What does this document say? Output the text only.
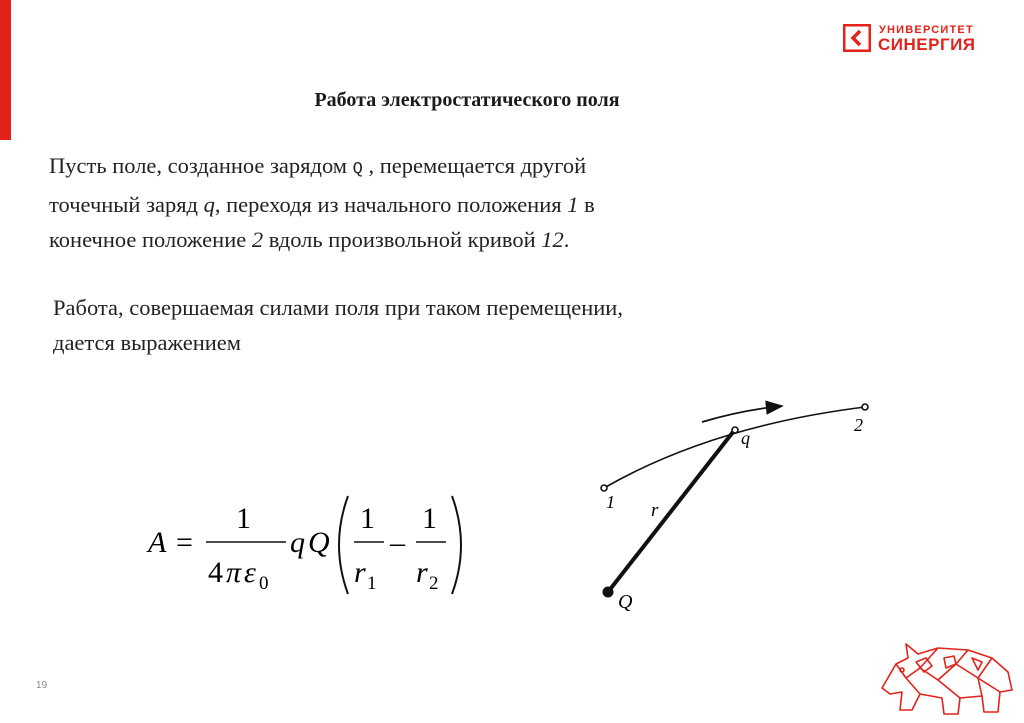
УНИВЕРСИТЕТ
СИНЕРГИЯ
Работа электростатического поля
Пусть поле, созданное зарядом Q , перемещается другой
точечный заряд q, переходя из начального положения 1 в
конечное положение 2 вдоль произвольной кривой 12.
Работа, совершаемая силами поля при таком перемещении,
дается выражением
A =
1
4 π ε 0
q Q
1
r 1
–
1
r 2
Q
q
r
1
2
19
